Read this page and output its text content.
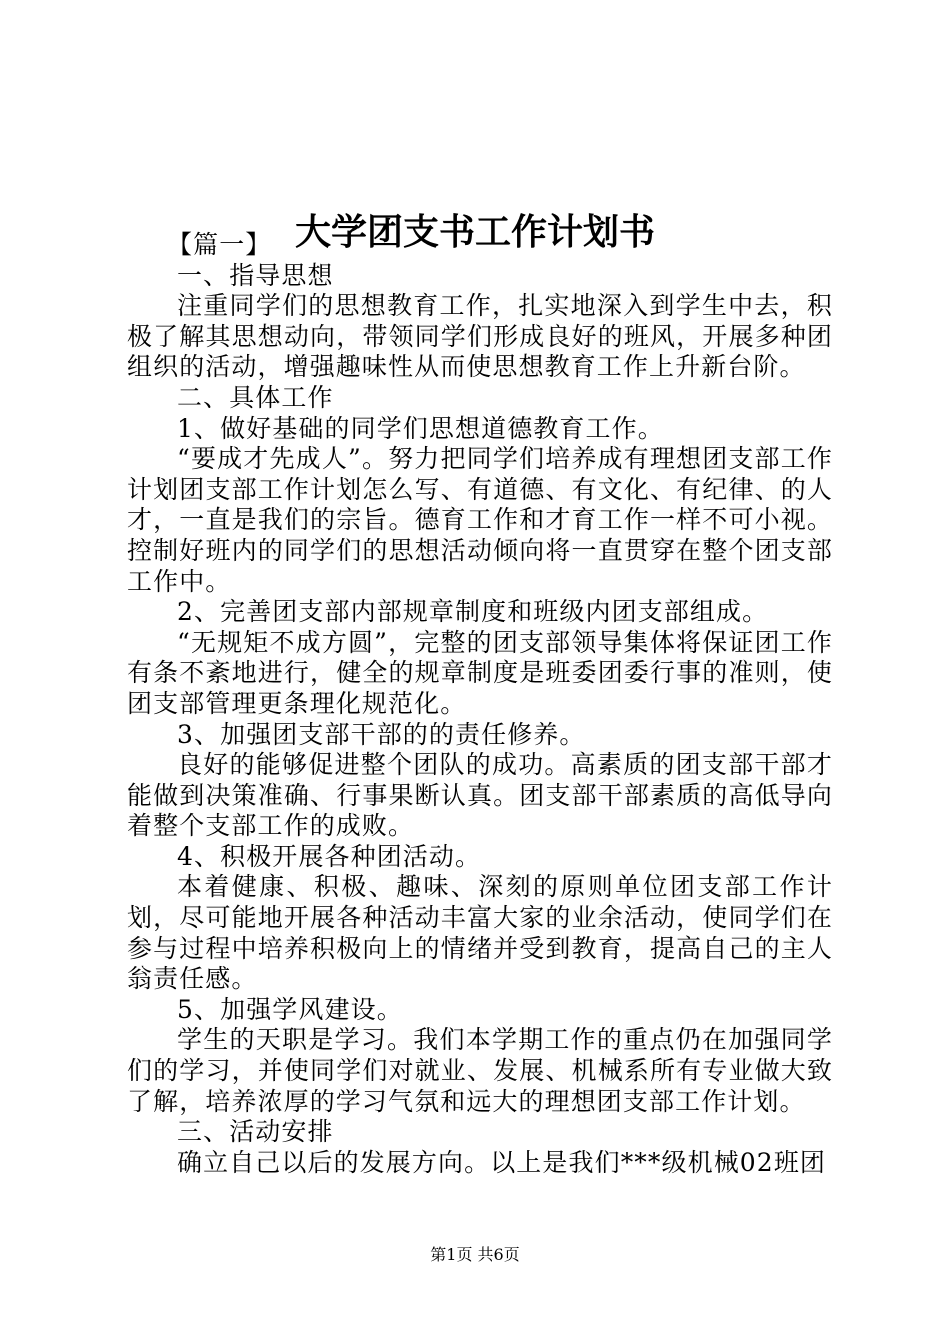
大学团支书工作计划书
【篇一】
一、指导思想

注重同学们的思想教育工作，扎实地深入到学生中去，积极了解其思想动向，带领同学们形成良好的班风，开展多种团组织的活动，增强趣味性从而使思想教育工作上升新台阶。

二、具体工作
1、做好基础的同学们思想道德教育工作。

“要成才先成人”。努力把同学们培养成有理想团支部工作计划团支部工作计划怎么写、有道德、有文化、有纪律、的人才，一直是我们的宗旨。德育工作和才育工作一样不可小视。控制好班内的同学们的思想活动倾向将一直贯穿在整个团支部工作中。

2、完善团支部内部规章制度和班级内团支部组成。

“无规矩不成方圆”，完整的团支部领导集体将保证团工作有条不紊地进行，健全的规章制度是班委团委行事的准则，使团支部管理更条理化规范化。

3、加强团支部干部的的责任修养。

良好的能够促进整个团队的成功。高素质的团支部干部才能做到决策准确、行事果断认真。团支部干部素质的高低导向着整个支部工作的成败。

4、积极开展各种团活动。

本着健康、积极、趣味、深刻的原则单位团支部工作计划，尽可能地开展各种活动丰富大家的业余活动，使同学们在参与过程中培养积极向上的情绪并受到教育，提高自己的主人翁责任感。

5、加强学风建设。

学生的天职是学习。我们本学期工作的重点仍在加强同学们的学习，并使同学们对就业、发展、机械系所有专业做大致了解，培养浓厚的学习气氛和远大的理想团支部工作计划。

三、活动安排

确立自己以后的发展方向。以上是我们***级机械02班团

第1页 共6页
